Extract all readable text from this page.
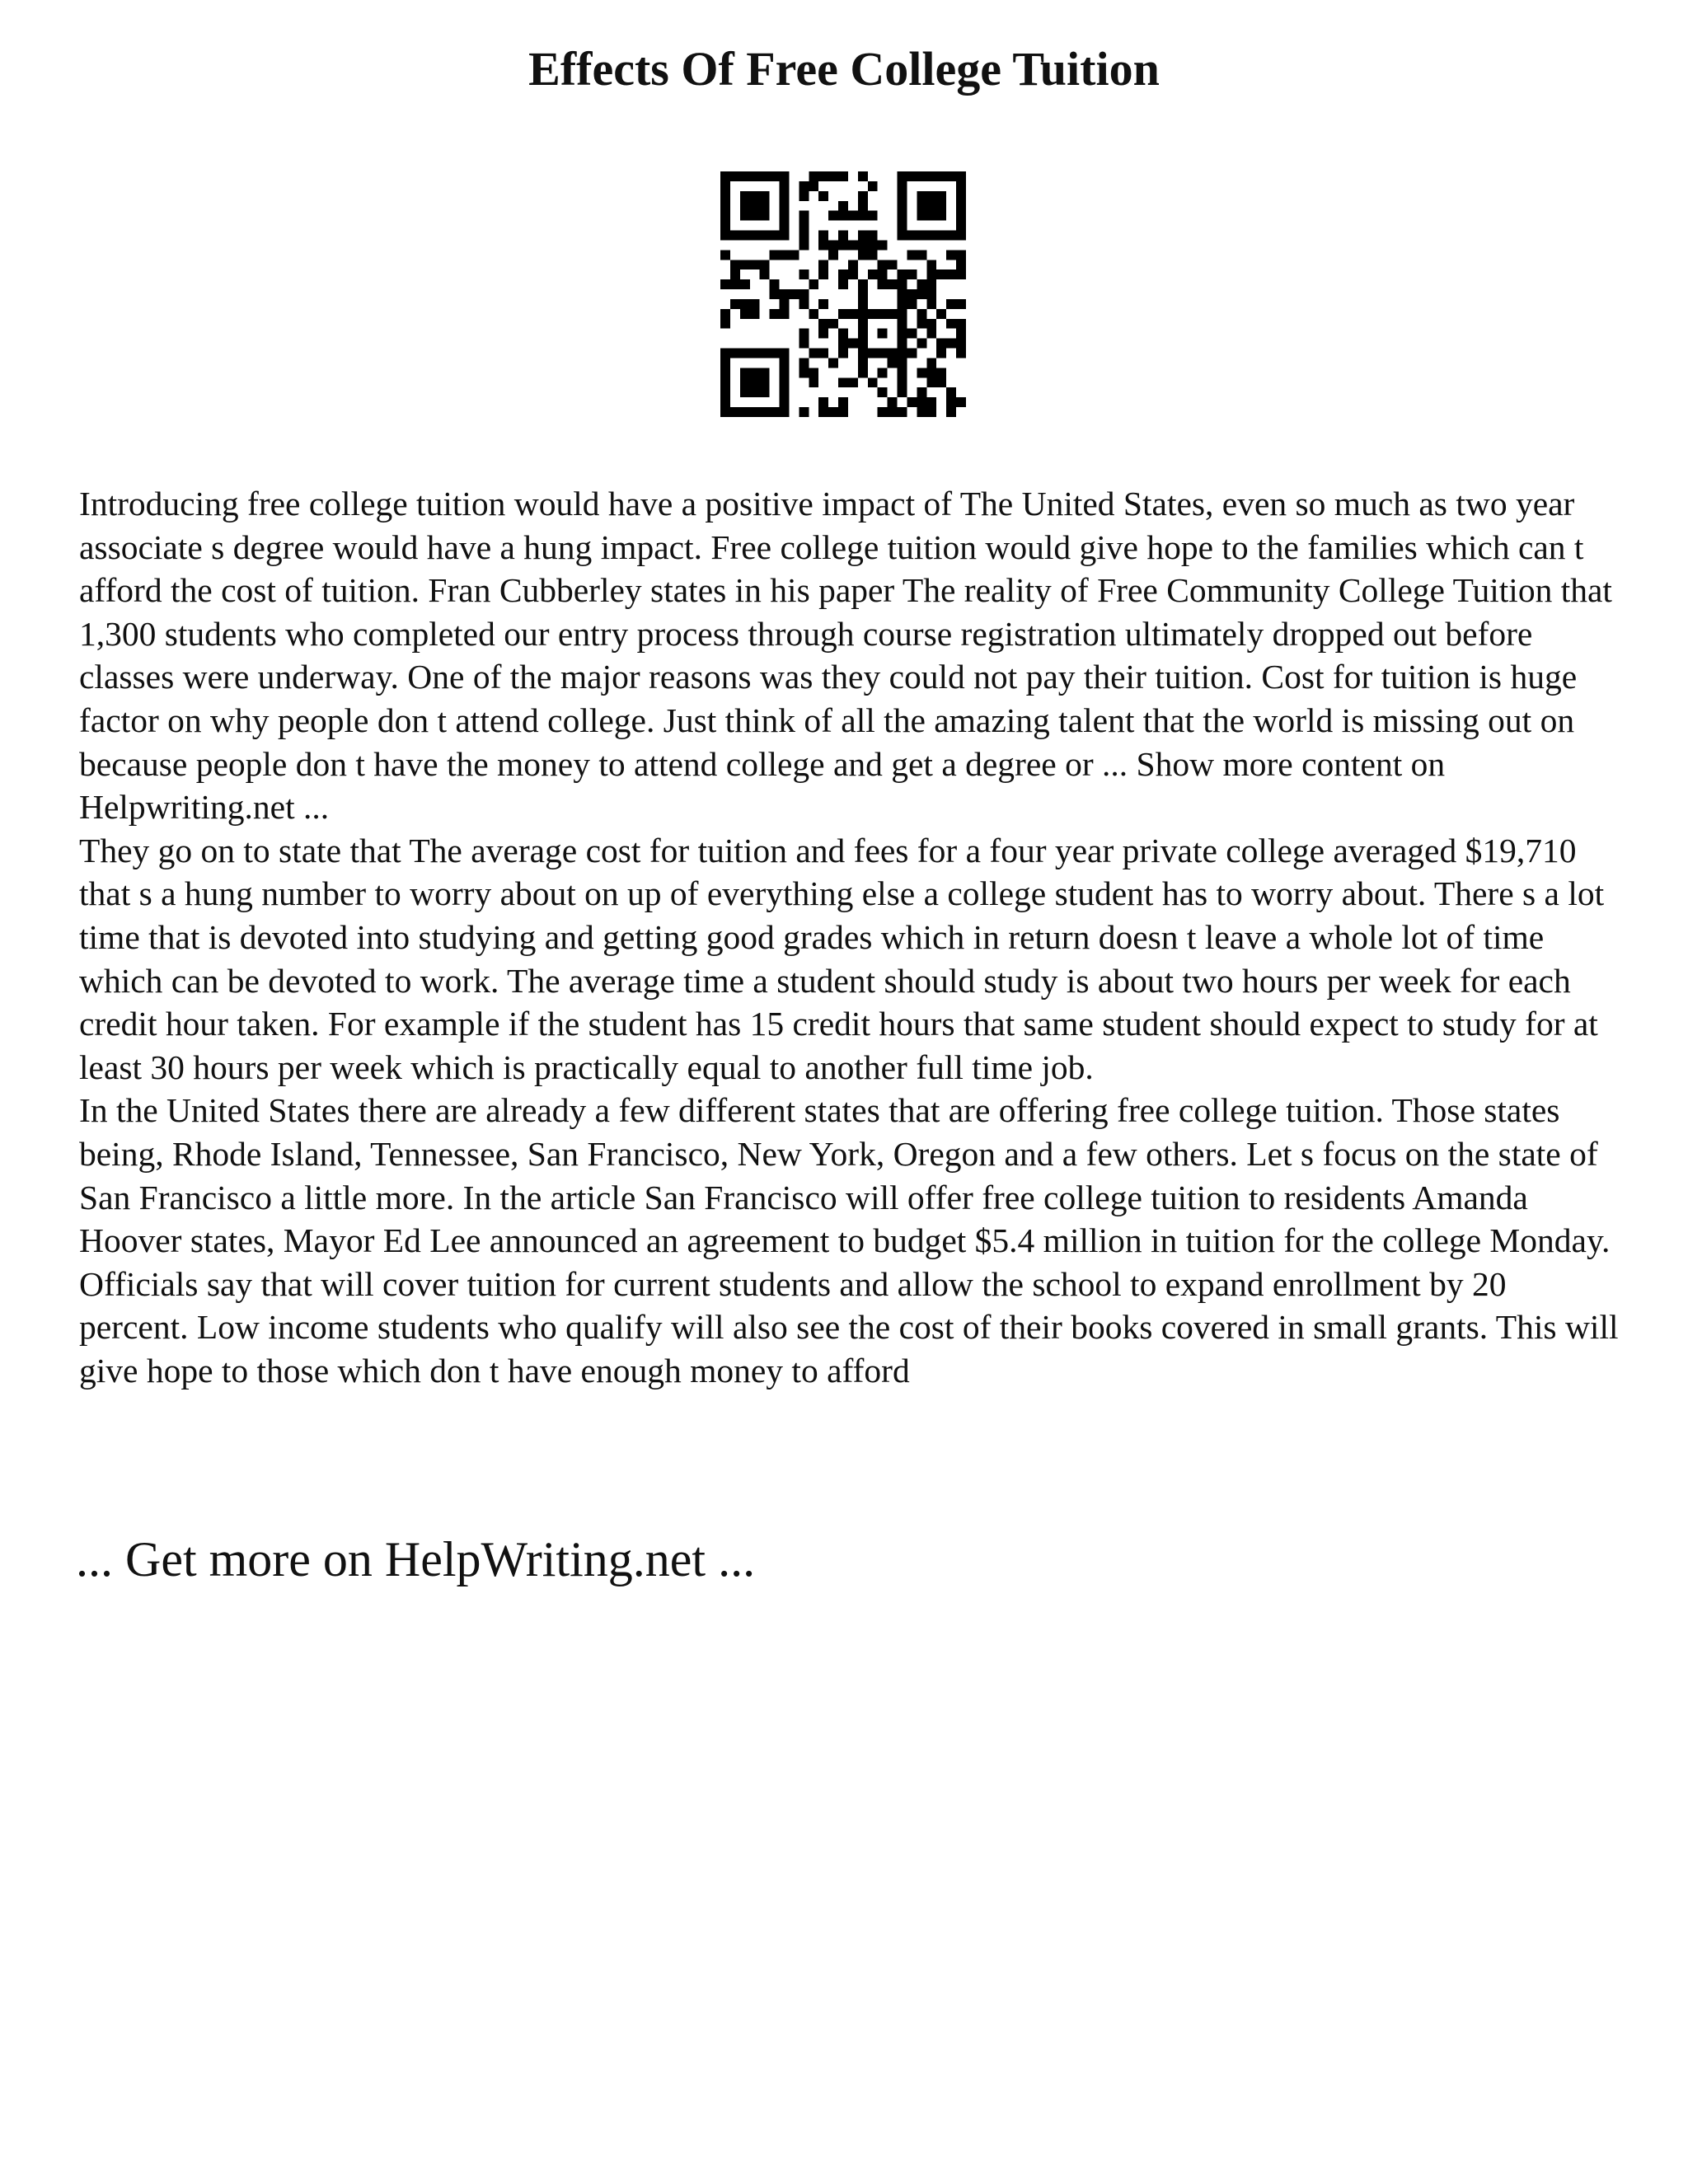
Effects Of Free College Tuition

Introducing free college tuition would have a positive impact of The United States, even so much as two year associate s degree would have a hung impact. Free college tuition would give hope to the families which can t afford the cost of tuition. Fran Cubberley states in his paper The reality of Free Community College Tuition that 1,300 students who completed our entry process through course registration ultimately dropped out before classes were underway. One of the major reasons was they could not pay their tuition. Cost for tuition is huge factor on why people don t attend college. Just think of all the amazing talent that the world is missing out on because people don t have the money to attend college and get a degree or ... Show more content on Helpwriting.net ...

They go on to state that The average cost for tuition and fees for a four year private college averaged $19,710 that s a hung number to worry about on up of everything else a college student has to worry about. There s a lot time that is devoted into studying and getting good grades which in return doesn t leave a whole lot of time which can be devoted to work. The average time a student should study is about two hours per week for each credit hour taken. For example if the student has 15 credit hours that same student should expect to study for at least 30 hours per week which is practically equal to another full time job.

In the United States there are already a few different states that are offering free college tuition. Those states being, Rhode Island, Tennessee, San Francisco, New York, Oregon and a few others. Let s focus on the state of San Francisco a little more. In the article San Francisco will offer free college tuition to residents Amanda Hoover states, Mayor Ed Lee announced an agreement to budget $5.4 million in tuition for the college Monday. Officials say that will cover tuition for current students and allow the school to expand enrollment by 20 percent. Low income students who qualify will also see the cost of their books covered in small grants. This will give hope to those which don t have enough money to afford

... Get more on HelpWriting.net ...
